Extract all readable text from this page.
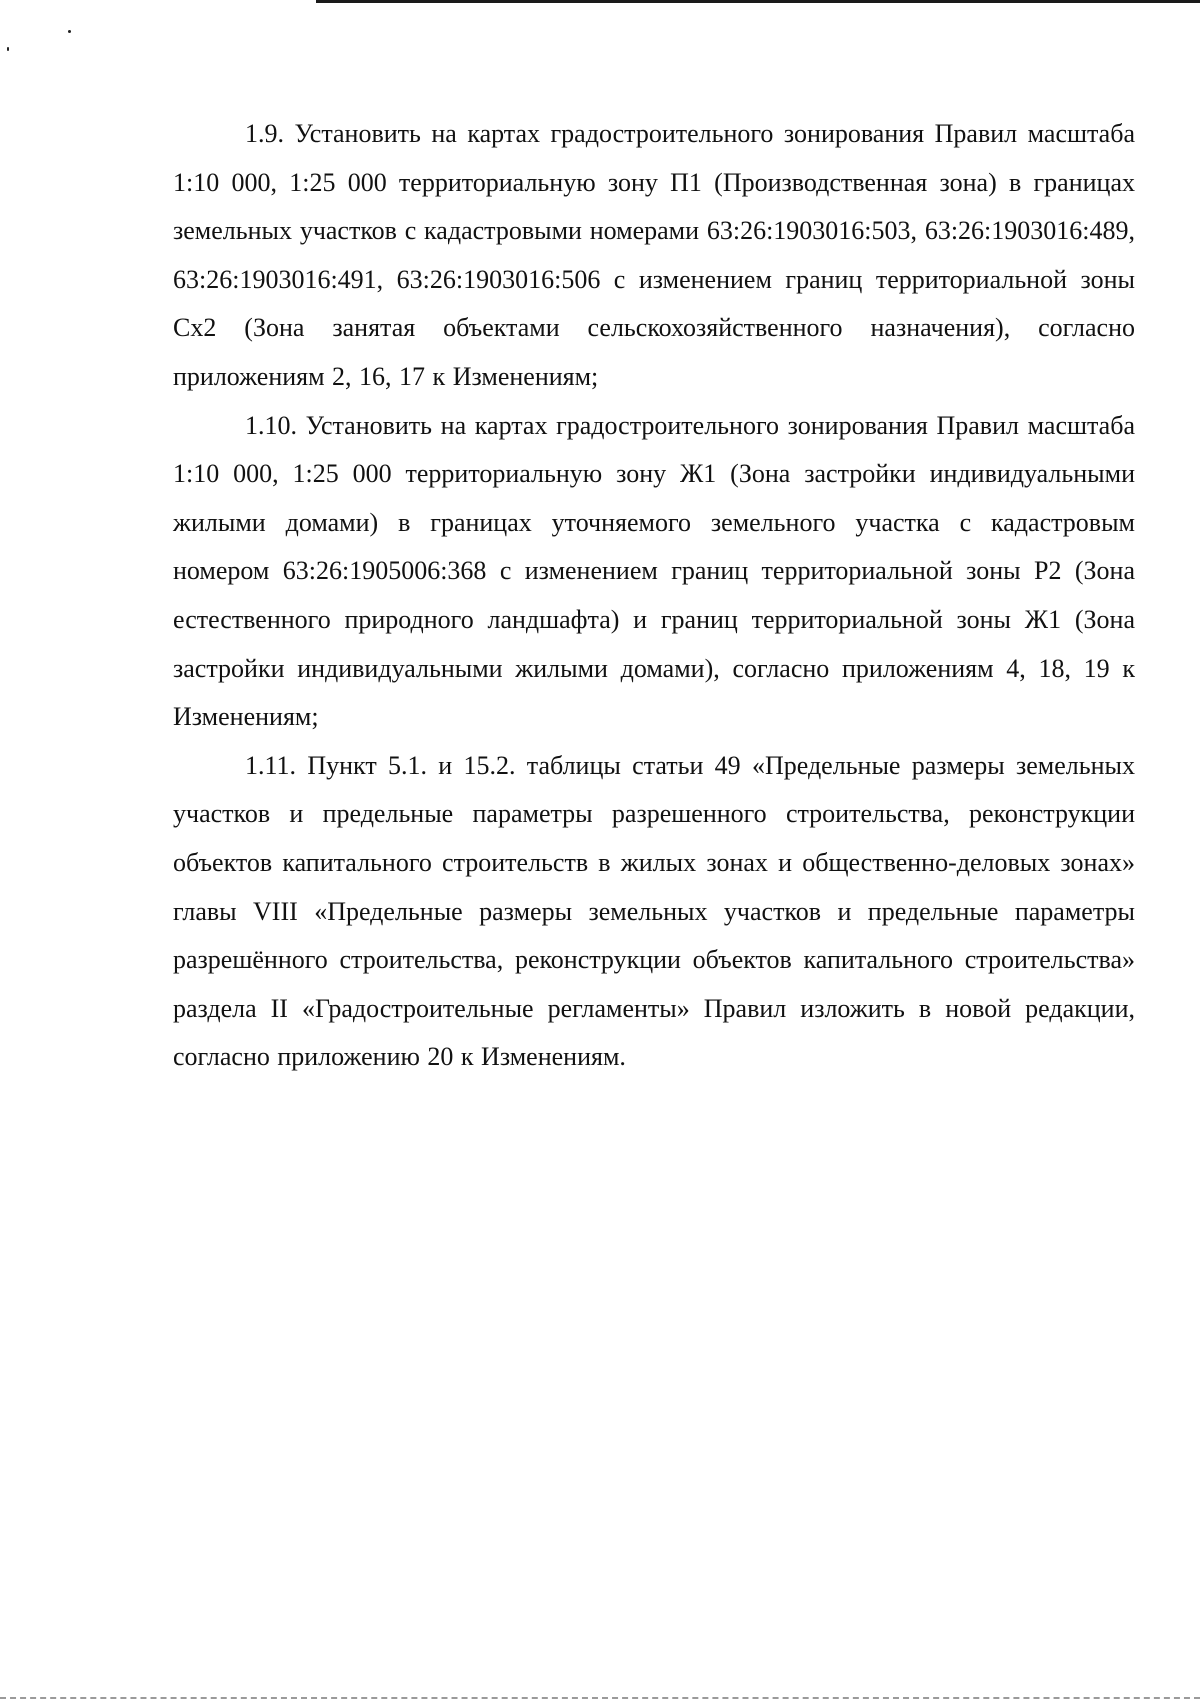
1.9. Установить на картах градостроительного зонирования Правил масштаба 1:10 000, 1:25 000 территориальную зону П1 (Производственная зона) в границах земельных участков с кадастровыми номерами 63:26:1903016:503, 63:26:1903016:489, 63:26:1903016:491, 63:26:1903016:506 с изменением границ территориальной зоны Сх2 (Зона занятая объектами сельскохозяйственного назначения), согласно приложениям 2, 16, 17 к Изменениям;

1.10. Установить на картах градостроительного зонирования Правил масштаба 1:10 000, 1:25 000 территориальную зону Ж1 (Зона застройки индивидуальными жилыми домами) в границах уточняемого земельного участка с кадастровым номером 63:26:1905006:368 с изменением границ территориальной зоны Р2 (Зона естественного природного ландшафта) и границ территориальной зоны Ж1 (Зона застройки индивидуальными жилыми домами), согласно приложениям 4, 18, 19 к Изменениям;

1.11. Пункт 5.1. и 15.2. таблицы статьи 49 «Предельные размеры земельных участков и предельные параметры разрешенного строительства, реконструкции объектов капитального строительств в жилых зонах и общественно-деловых зонах» главы VIII «Предельные размеры земельных участков и предельные параметры разрешённого строительства, реконструкции объектов капитального строительства» раздела II «Градостроительные регламенты» Правил изложить в новой редакции, согласно приложению 20 к Изменениям.
